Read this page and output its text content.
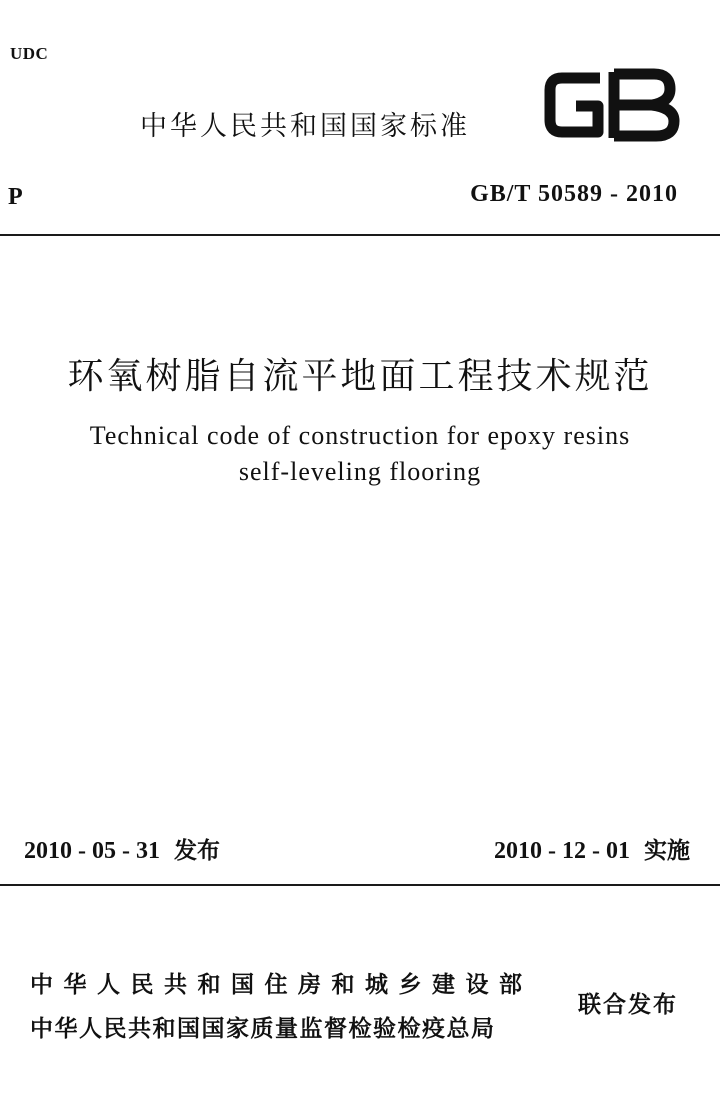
UDC
中华人民共和国国家标准
GB
P	GB/T 50589 - 2010
环氧树脂自流平地面工程技术规范
Technical code of construction for epoxy resins
self-leveling flooring
2010 - 05 - 31 发布	2010 - 12 - 01 实施
中华人民共和国住房和城乡建设部
中华人民共和国国家质量监督检验检疫总局
联合发布
